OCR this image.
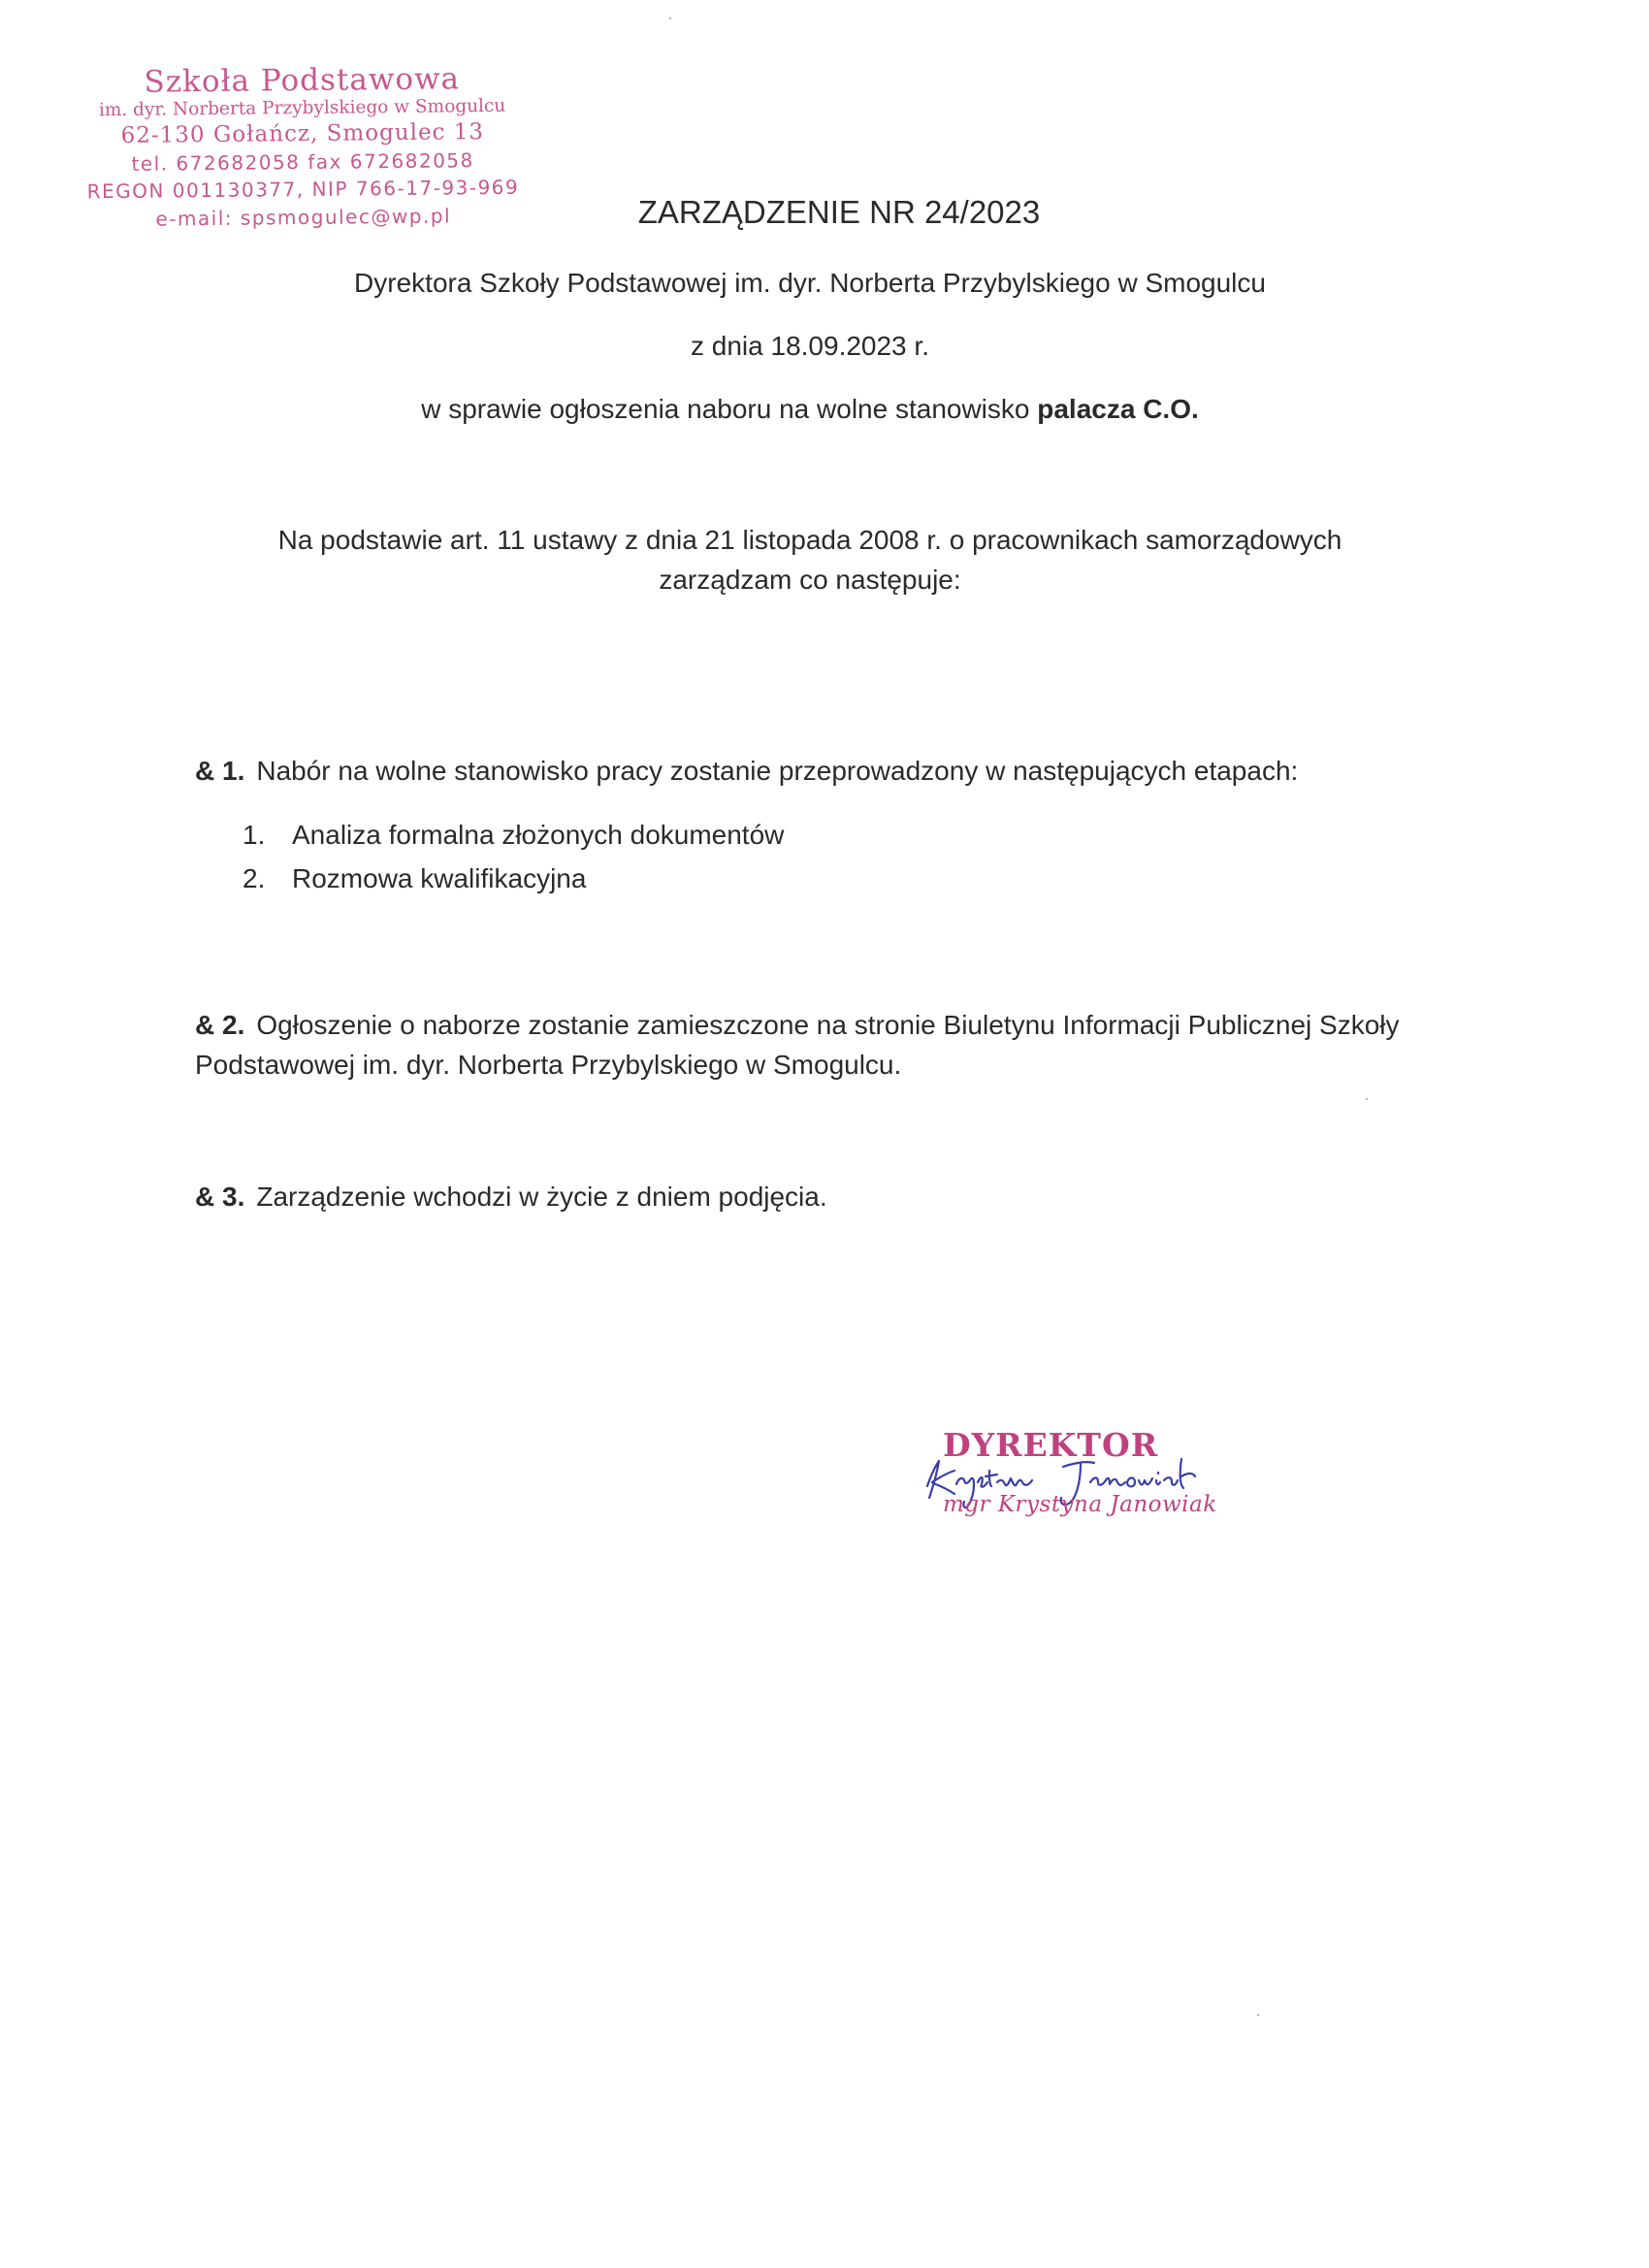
Szkoła Podstawowa
im. dyr. Norberta Przybylskiego w Smogulcu
62-130 Gołańcz, Smogulec 13
tel. 672682058 fax 672682058
REGON 001130377, NIP 766-17-93-969
e-mail: spsmogulec@wp.pl	ZARZĄDZENIE NR 24/2023
Dyrektora Szkoły Podstawowej im. dyr. Norberta Przybylskiego w Smogulcu
z dnia 18.09.2023 r.
w sprawie ogłoszenia naboru na wolne stanowisko palacza C.O.
Na podstawie art. 11 ustawy z dnia 21 listopada 2008 r. o pracownikach samorządowych
zarządzam co następuje:
& 1. Nabór na wolne stanowisko pracy zostanie przeprowadzony w następujących etapach:
1. Analiza formalna złożonych dokumentów
2. Rozmowa kwalifikacyjna
& 2. Ogłoszenie o naborze zostanie zamieszczone na stronie Biuletynu Informacji Publicznej Szkoły Podstawowej im. dyr. Norberta Przybylskiego w Smogulcu.
& 3. Zarządzenie wchodzi w życie z dniem podjęcia.
DYREKTOR
mgr Krystyna Janowiak
